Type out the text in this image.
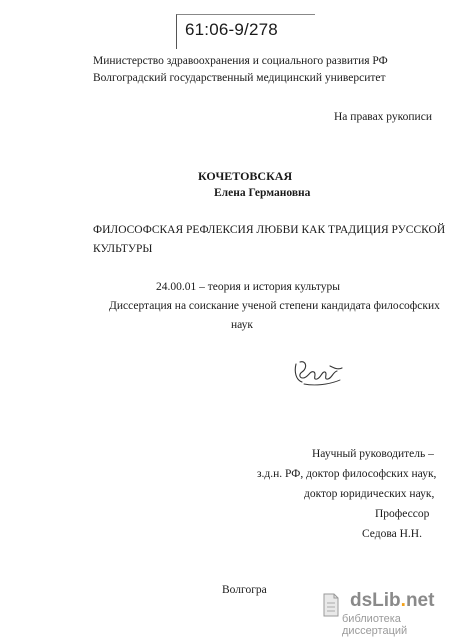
61:06-9/278
Министерство здравоохранения и социального развития РФ
Волгоградский государственный медицинский университет
На правах рукописи
КОЧЕТОВСКАЯ
Елена Германовна
ФИЛОСОФСКАЯ РЕФЛЕКСИЯ ЛЮБВИ КАК ТРАДИЦИЯ РУССКОЙ
КУЛЬТУРЫ
24.00.01 – теория и история культуры
Диссертация на соискание ученой степени кандидата философских
наук
Научный руководитель –
з.д.н. РФ, доктор философских наук,
доктор юридических наук,
Профессор
Седова Н.Н.
Волгогра	dsLib.net
библиотека диссертаций
